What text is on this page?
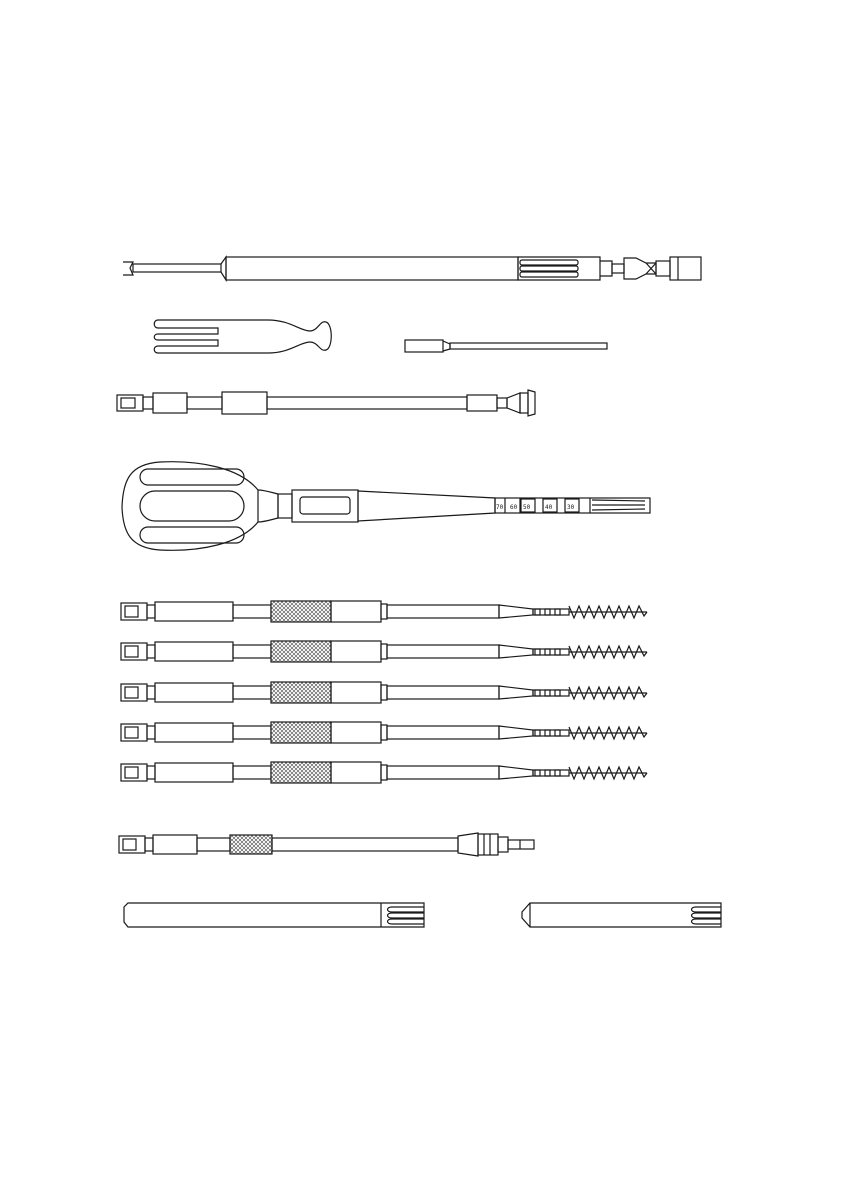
70 60 50 40 30
